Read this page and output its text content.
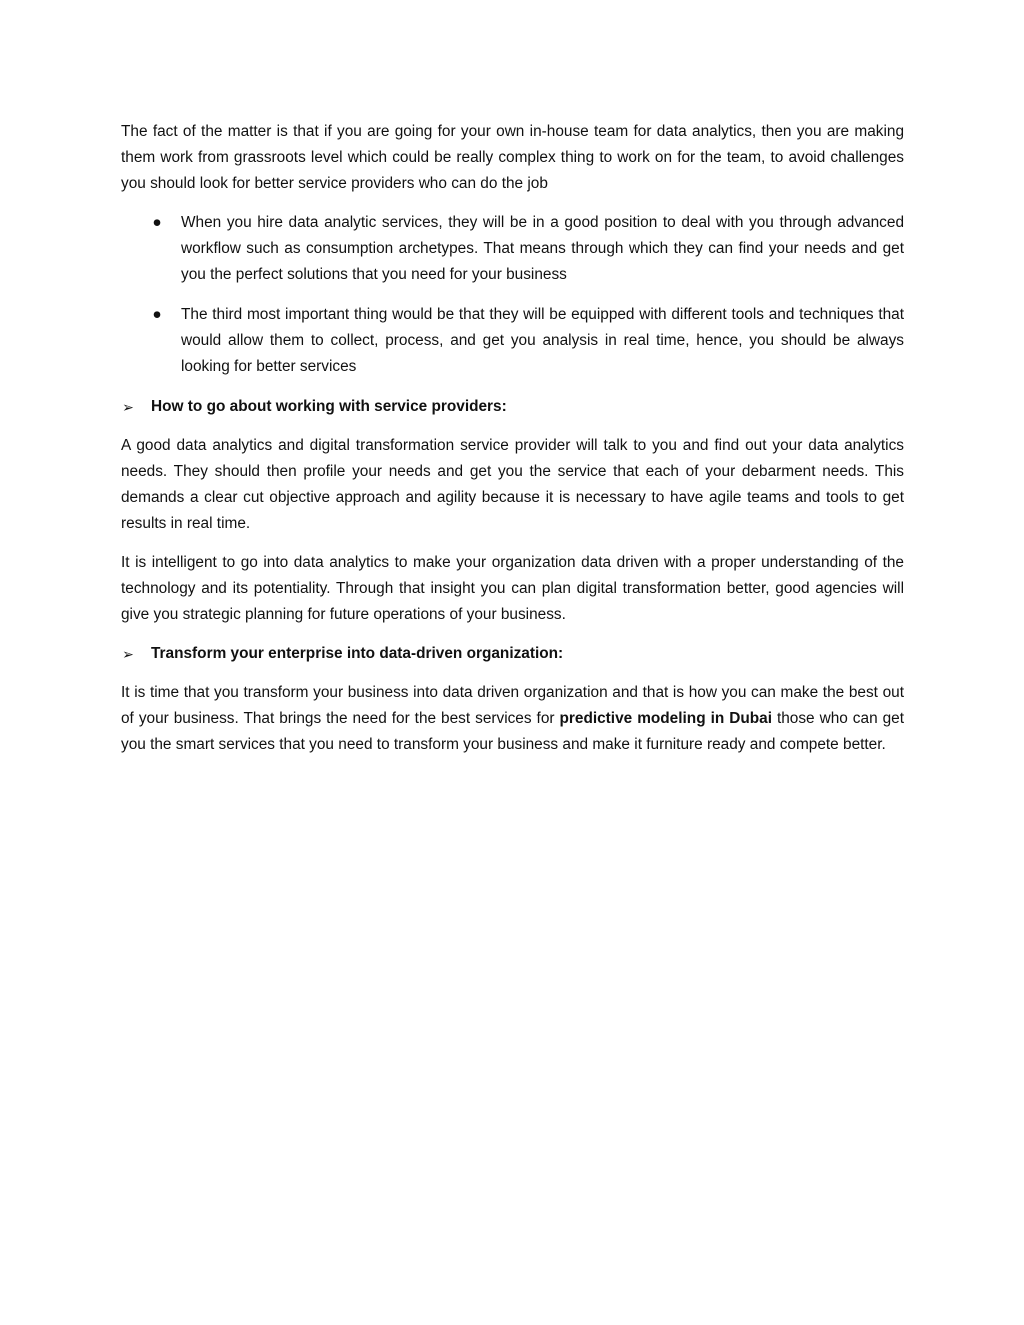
The fact of the matter is that if you are going for your own in-house team for data analytics, then you are making them work from grassroots level which could be really complex thing to work on for the team, to avoid challenges you should look for better service providers who can do the job

● When you hire data analytic services, they will be in a good position to deal with you through advanced workflow such as consumption archetypes. That means through which they can find your needs and get you the perfect solutions that you need for your business
● The third most important thing would be that they will be equipped with different tools and techniques that would allow them to collect, process, and get you analysis in real time, hence, you should be always looking for better services
➢ How to go about working with service providers:

A good data analytics and digital transformation service provider will talk to you and find out your data analytics needs. They should then profile your needs and get you the service that each of your debarment needs. This demands a clear cut objective approach and agility because it is necessary to have agile teams and tools to get results in real time.

It is intelligent to go into data analytics to make your organization data driven with a proper understanding of the technology and its potentiality. Through that insight you can plan digital transformation better, good agencies will give you strategic planning for future operations of your business.

➢ Transform your enterprise into data-driven organization:

It is time that you transform your business into data driven organization and that is how you can make the best out of your business. That brings the need for the best services for predictive modeling in Dubai those who can get you the smart services that you need to transform your business and make it furniture ready and compete better.
